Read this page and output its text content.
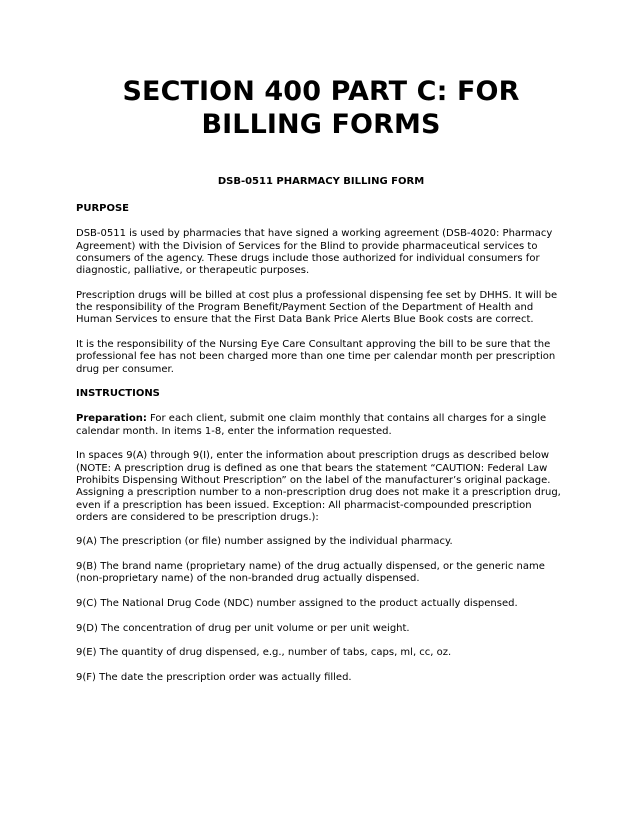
SECTION 400 PART C: FOR BILLING FORMS
DSB-0511 PHARMACY BILLING FORM
PURPOSE

DSB-0511 is used by pharmacies that have signed a working agreement (DSB-4020: Pharmacy Agreement) with the Division of Services for the Blind to provide pharmaceutical services to consumers of the agency. These drugs include those authorized for individual consumers for diagnostic, palliative, or therapeutic purposes.

Prescription drugs will be billed at cost plus a professional dispensing fee set by DHHS. It will be the responsibility of the Program Benefit/Payment Section of the Department of Health and Human Services to ensure that the First Data Bank Price Alerts Blue Book costs are correct.

It is the responsibility of the Nursing Eye Care Consultant approving the bill to be sure that the professional fee has not been charged more than one time per calendar month per prescription drug per consumer.

INSTRUCTIONS

Preparation: For each client, submit one claim monthly that contains all charges for a single calendar month. In items 1-8, enter the information requested.

In spaces 9(A) through 9(I), enter the information about prescription drugs as described below (NOTE: A prescription drug is defined as one that bears the statement “CAUTION: Federal Law Prohibits Dispensing Without Prescription” on the label of the manufacturer’s original package. Assigning a prescription number to a non-prescription drug does not make it a prescription drug, even if a prescription has been issued. Exception: All pharmacist-compounded prescription orders are considered to be prescription drugs.):

9(A) The prescription (or file) number assigned by the individual pharmacy.

9(B) The brand name (proprietary name) of the drug actually dispensed, or the generic name (non-proprietary name) of the non-branded drug actually dispensed.

9(C) The National Drug Code (NDC) number assigned to the product actually dispensed.

9(D) The concentration of drug per unit volume or per unit weight.

9(E) The quantity of drug dispensed, e.g., number of tabs, caps, ml, cc, oz.

9(F) The date the prescription order was actually filled.
